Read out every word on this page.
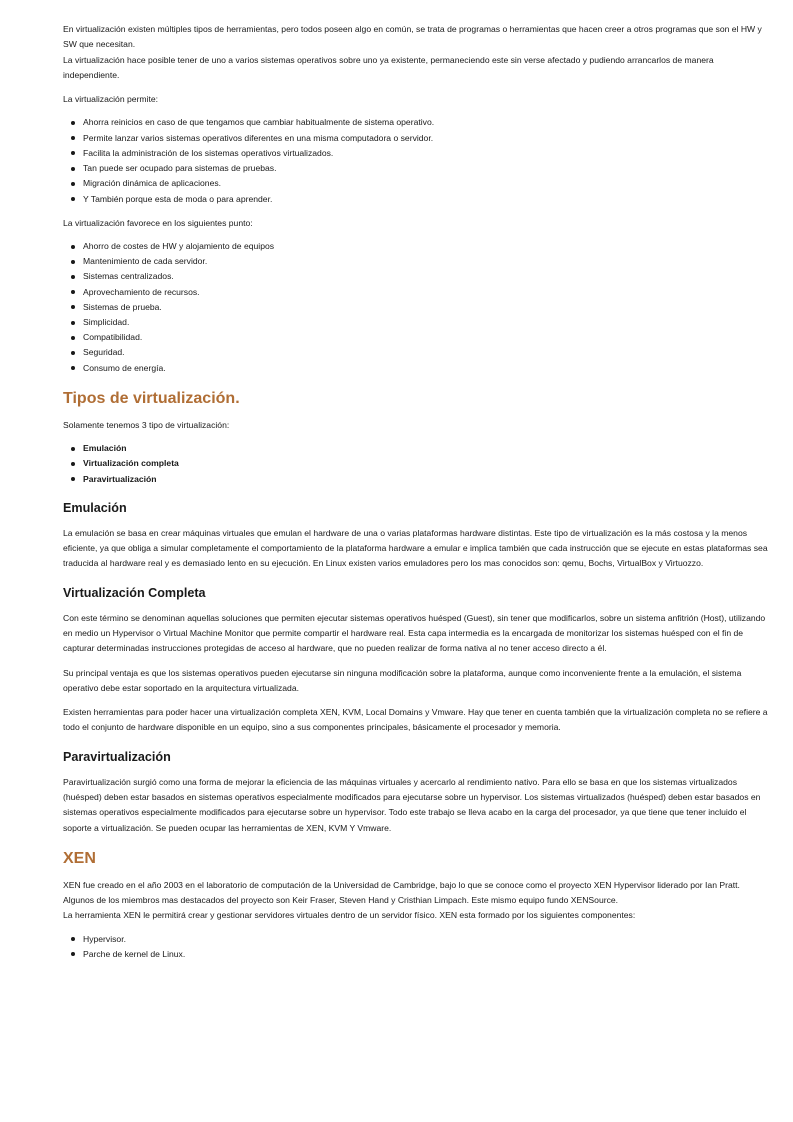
En virtualización existen múltiples tipos de herramientas, pero todos poseen algo en común, se trata de programas o herramientas que hacen creer a otros programas que son el HW y SW que necesitan.

La virtualización hace posible tener de uno a varios sistemas operativos sobre uno ya existente, permaneciendo este sin verse afectado y pudiendo arrancarlos de manera independiente.

La virtualización permite:

Ahorra reinicios en caso de que tengamos que cambiar habitualmente de sistema operativo.
Permite lanzar varios sistemas operativos diferentes en una misma computadora o servidor.
Facilita la administración de los sistemas operativos virtualizados.
Tan puede ser ocupado para sistemas de pruebas.
Migración dinámica de aplicaciones.
Y También porque esta de moda o para aprender.

La virtualización favorece en los siguientes punto:

Ahorro de costes de HW y alojamiento de equipos
Mantenimiento de cada servidor.
Sistemas centralizados.
Aprovechamiento de recursos.
Sistemas de prueba.
Simplicidad.
Compatibilidad.
Seguridad.
Consumo de energía.
Tipos de virtualización.

Solamente tenemos 3 tipo de virtualización:

Emulación
Virtualización completa
Paravirtualización
Emulación

La emulación se basa en crear máquinas virtuales que emulan el hardware de una o varias plataformas hardware distintas. Este tipo de virtualización es la más costosa y la menos eficiente, ya que obliga a simular completamente el comportamiento de la plataforma hardware a emular e implica también que cada instrucción que se ejecute en estas plataformas sea traducida al hardware real y es demasiado lento en su ejecución. En Linux existen varios emuladores pero los mas conocidos son: qemu, Bochs, VirtualBox y Virtuozzo.

Virtualización Completa

Con este término se denominan aquellas soluciones que permiten ejecutar sistemas operativos huésped (Guest), sin tener que modificarlos, sobre un sistema anfitrión (Host), utilizando en medio un Hypervisor o Virtual Machine Monitor que permite compartir el hardware real. Esta capa intermedia es la encargada de monitorizar los sistemas huésped con el fin de capturar determinadas instrucciones protegidas de acceso al hardware, que no pueden realizar de forma nativa al no tener acceso directo a él.

Su principal ventaja es que los sistemas operativos pueden ejecutarse sin ninguna modificación sobre la plataforma, aunque como inconveniente frente a la emulación, el sistema operativo debe estar soportado en la arquitectura virtualizada.

Existen herramientas para poder hacer una virtualización completa XEN, KVM, Local Domains y Vmware. Hay que tener en cuenta también que la virtualización completa no se refiere a todo el conjunto de hardware disponible en un equipo, sino a sus componentes principales, básicamente el procesador y memoria.

Paravirtualización

Paravirtualización surgió como una forma de mejorar la eficiencia de las máquinas virtuales y acercarlo al rendimiento nativo. Para ello se basa en que los sistemas virtualizados (huésped) deben estar basados en sistemas operativos especialmente modificados para ejecutarse sobre un hypervisor. Los sistemas virtualizados (huésped) deben estar basados en sistemas operativos especialmente modificados para ejecutarse sobre un hypervisor. Todo este trabajo se lleva acabo en la carga del procesador, ya que tiene que tener incluido el soporte a virtualización. Se pueden ocupar las herramientas de XEN, KVM Y Vmware.

XEN

XEN fue creado en el año 2003 en el laboratorio de computación de la Universidad de Cambridge, bajo lo que se conoce como el proyecto XEN Hypervisor liderado por Ian Pratt. Algunos de los miembros mas destacados del proyecto son Keir Fraser, Steven Hand y Cristhian Limpach. Este mismo equipo fundo XENSource.

La herramienta XEN le permitirá crear y gestionar servidores virtuales dentro de un servidor físico. XEN esta formado por los siguientes componentes:

Hypervisor.
Parche de kernel de Linux.
